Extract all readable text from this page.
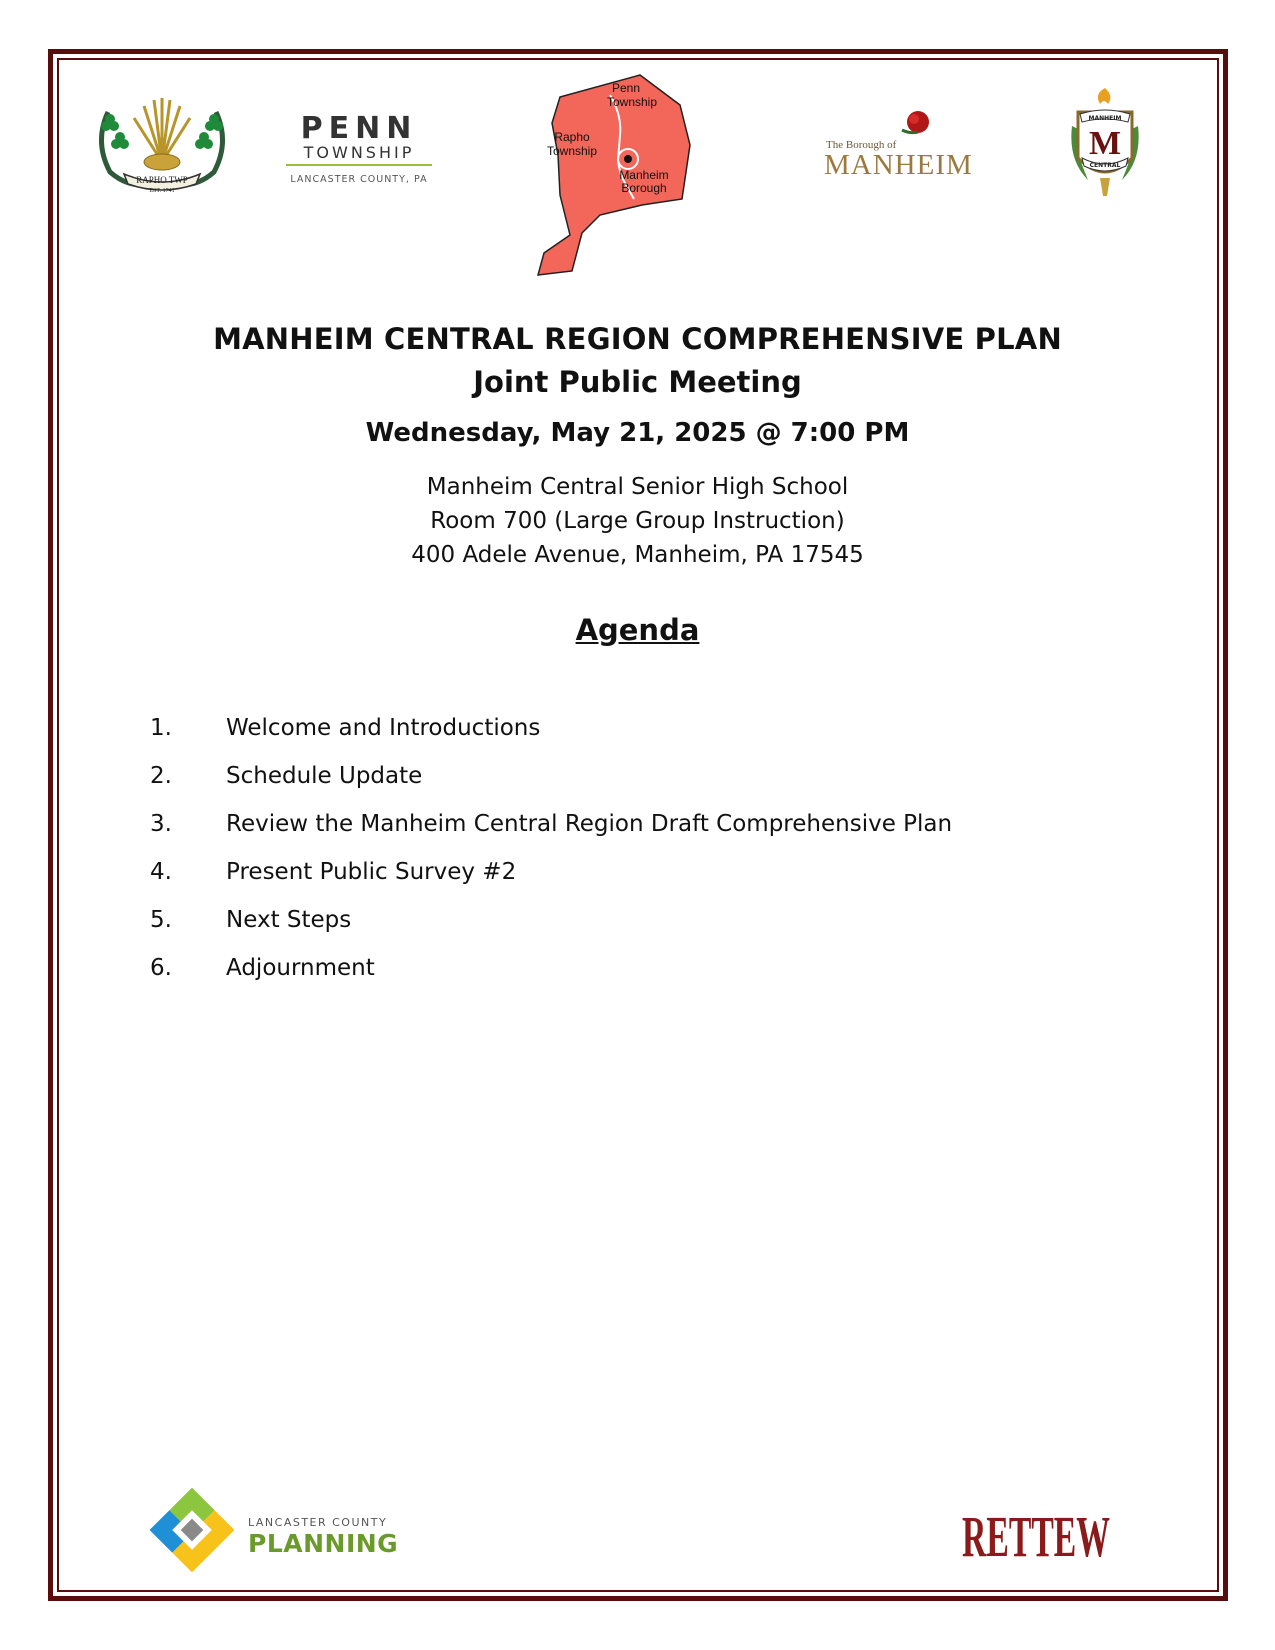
RAPHO TWP
EST. 1741
PENN
TOWNSHIP
LANCASTER COUNTY, PA
Penn
Township
Rapho
Township
Manheim
Borough
The Borough of
MANHEIM
MANHEIM
M
CENTRAL
MANHEIM CENTRAL REGION COMPREHENSIVE PLAN
Joint Public Meeting
Wednesday, May 21, 2025 @ 7:00 PM
Manheim Central Senior High School
Room 700 (Large Group Instruction)
400 Adele Avenue, Manheim, PA 17545
Agenda
1.	Welcome and Introductions
2.	Schedule Update
3.	Review the Manheim Central Region Draft Comprehensive Plan
4.	Present Public Survey #2
5.	Next Steps
6.	Adjournment
LANCASTER COUNTY
PLANNING	RETTEW
